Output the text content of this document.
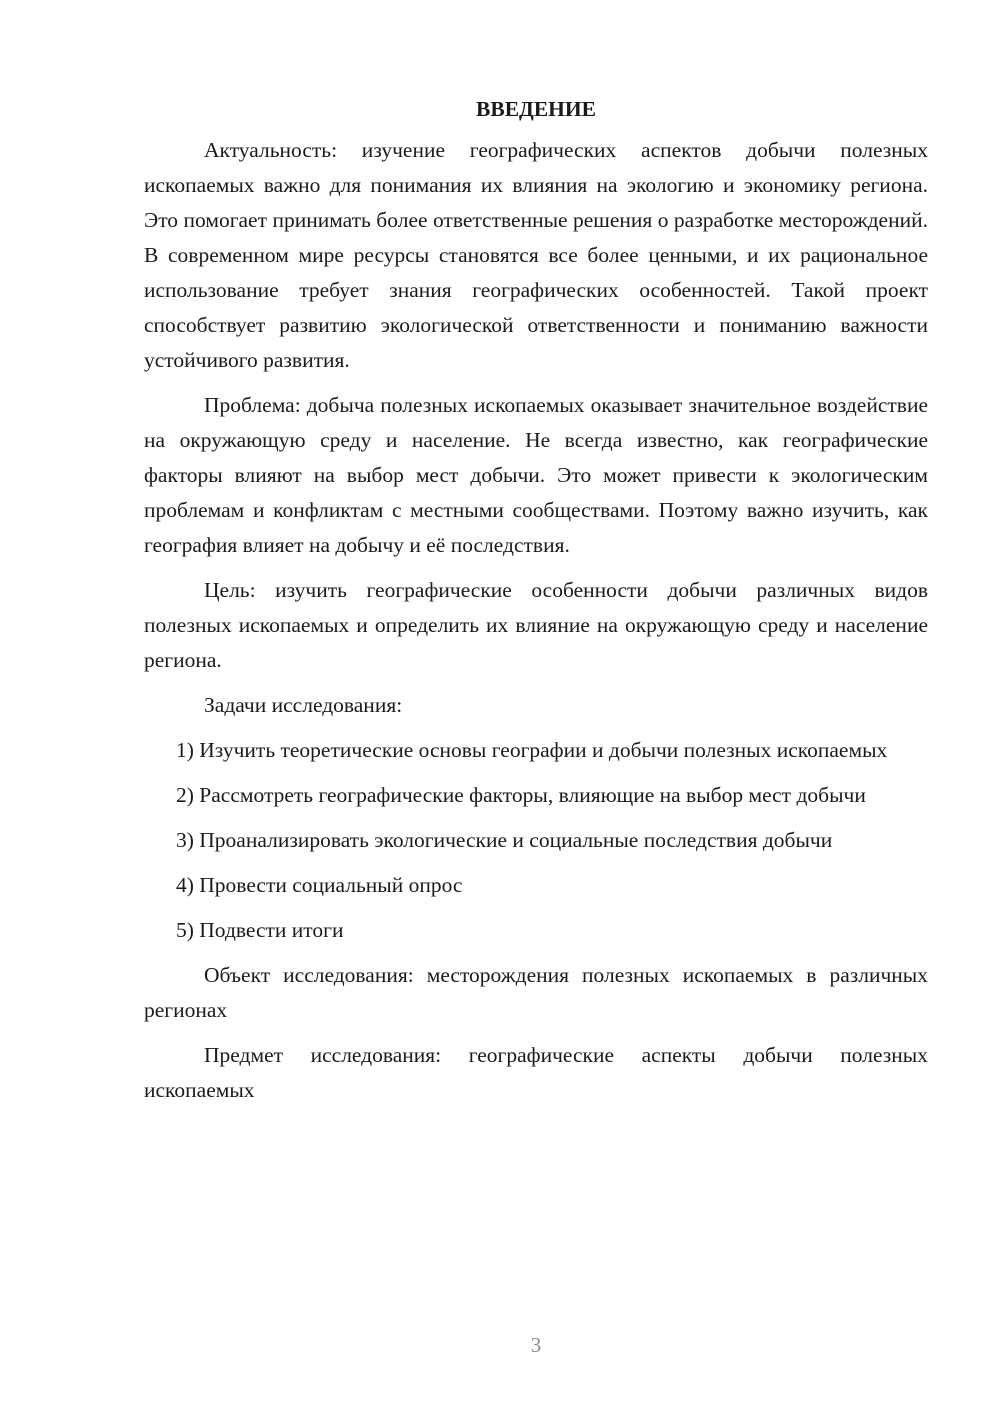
ВВЕДЕНИЕ

Актуальность: изучение географических аспектов добычи полезных ископаемых важно для понимания их влияния на экологию и экономику региона. Это помогает принимать более ответственные решения о разработке месторождений. В современном мире ресурсы становятся все более ценными, и их рациональное использование требует знания географических особенностей. Такой проект способствует развитию экологической ответственности и пониманию важности устойчивого развития.

Проблема: добыча полезных ископаемых оказывает значительное воздействие на окружающую среду и население. Не всегда известно, как географические факторы влияют на выбор мест добычи. Это может привести к экологическим проблемам и конфликтам с местными сообществами. Поэтому важно изучить, как география влияет на добычу и её последствия.

Цель: изучить географические особенности добычи различных видов полезных ископаемых и определить их влияние на окружающую среду и население региона.

Задачи исследования:

1) Изучить теоретические основы географии и добычи полезных ископаемых

2) Рассмотреть географические факторы, влияющие на выбор мест добычи

3) Проанализировать экологические и социальные последствия добычи

4) Провести социальный опрос

5) Подвести итоги

Объект исследования: месторождения полезных ископаемых в различных регионах

Предмет исследования: географические аспекты добычи полезных ископаемых

3
